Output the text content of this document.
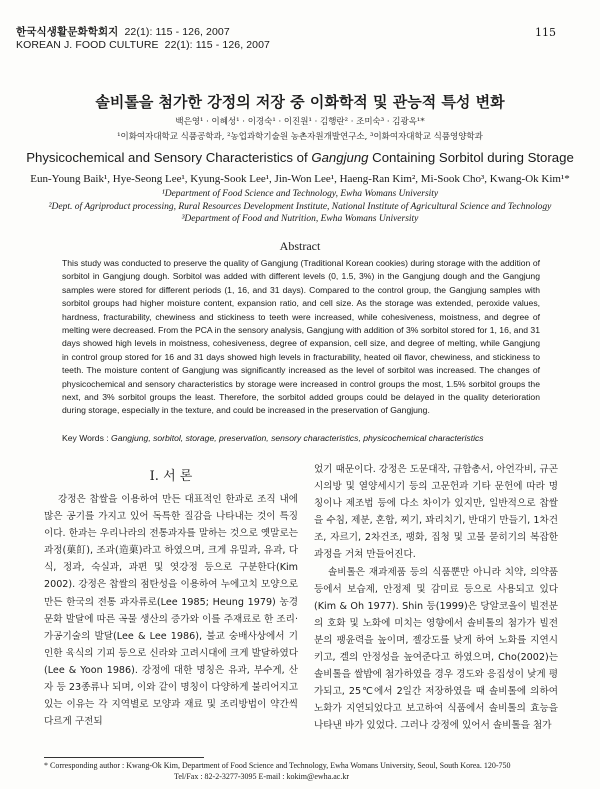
한국식생활문화학회지 22(1): 115 - 126, 2007
KOREAN J. FOOD CULTURE 22(1): 115 - 126, 2007
115
솔비톨을 첨가한 강정의 저장 중 이화학적 및 관능적 특성 변화
백은영¹ · 이혜성¹ · 이경숙¹ · 이진원¹ · 김행란² · 조미숙³ · 김광옥¹*
¹이화여자대학교 식품공학과, ²농업과학기술원 농촌자원개발연구소, ³이화여자대학교 식품영양학과
Physicochemical and Sensory Characteristics of Gangjung Containing Sorbitol during Storage
Eun-Young Baik¹, Hye-Seong Lee¹, Kyung-Sook Lee¹, Jin-Won Lee¹, Haeng-Ran Kim², Mi-Sook Cho³, Kwang-Ok Kim¹*
¹Department of Food Science and Technology, Ewha Womans University
²Dept. of Agriproduct processing, Rural Resources Development Institute, National Institute of Agricultural Science and Technology
³Department of Food and Nutrition, Ewha Womans University
Abstract
This study was conducted to preserve the quality of Gangjung (Traditional Korean cookies) during storage with the addition of sorbitol in Gangjung dough. Sorbitol was added with different levels (0, 1.5, 3%) in the Gangjung dough and the Gangjung samples were stored for different periods (1, 16, and 31 days). Compared to the control group, the Gangjung samples with sorbitol groups had higher moisture content, expansion ratio, and cell size. As the storage was extended, peroxide values, hardness, fracturability, chewiness and stickiness to teeth were increased, while cohesiveness, moistness, and degree of melting were decreased. From the PCA in the sensory analysis, Gangjung with addition of 3% sorbitol stored for 1, 16, and 31 days showed high levels in moistness, cohesiveness, degree of expansion, cell size, and degree of melting, while Gangjung in control group stored for 16 and 31 days showed high levels in fracturability, heated oil flavor, chewiness, and stickiness to teeth. The moisture content of Gangjung was significantly increased as the level of sorbitol was increased. The changes of physicochemical and sensory characteristics by storage were increased in control groups the most, 1.5% sorbitol groups the next, and 3% sorbitol groups the least. Therefore, the sorbitol added groups could be delayed in the quality deterioration during storage, especially in the texture, and could be increased in the preservation of Gangjung.
Key Words : Gangjung, sorbitol, storage, preservation, sensory characteristics, physicochemical characteristics
I. 서 론

강정은 찹쌀을 이용하여 만든 대표적인 한과로 조직 내에 많은 공기를 가지고 있어 독특한 질감을 나타내는 것이 특징이다. 한과는 우리나라의 전통과자를 말하는 것으로 옛말로는 과정(菓飣), 조과(造菓)라고 하였으며, 크게 유밀과, 유과, 다식, 정과, 숙실과, 과편 및 엿강정 등으로 구분한다(Kim 2002). 강정은 찹쌀의 점탄성을 이용하여 누에고치 모양으로 만든 한국의 전통 과자류로(Lee 1985; Heung 1979) 농경문화 발달에 따른 곡물 생산의 증가와 이를 주재료로 한 조리·가공기술의 발달(Lee & Lee 1986), 불교 숭배사상에서 기인한 육식의 기피 등으로 신라와 고려시대에 크게 발달하였다(Lee & Yoon 1986). 강정에 대한 명칭은 유과, 부수게, 산자 등 23종류나 되며, 이와 같이 명칭이 다양하게 불리어지고 있는 이유는 각 지역별로 모양과 재료 및 조리방법이 약간씩 다르게 구전되

었기 때문이다. 강정은 도문대작, 규합총서, 아언각비, 규곤시의방 및 열양세시기 등의 고문헌과 기타 문헌에 따라 명칭이나 제조법 등에 다소 차이가 있지만, 일반적으로 찹쌀을 수침, 제분, 혼합, 찌기, 꽈리치기, 반대기 만들기, 1차건조, 자르기, 2차건조, 팽화, 집청 및 고물 묻히기의 복잡한 과정을 거쳐 만들어진다.

솔비톨은 재과제품 등의 식품뿐만 아니라 치약, 의약품등에서 보습제, 안정제 및 감미료 등으로 사용되고 있다(Kim & Oh 1977). Shin 등(1999)은 당알코올이 빌전분의 호화 및 노화에 미치는 영향에서 솔비톨의 첨가가 빌전분의 팽윤력을 높이며, 젤강도를 낮게 하여 노화를 지연시키고, 겔의 안정성을 높여준다고 하였으며, Cho(2002)는 솔비톨을 쌀밥에 첨가하였을 경우 경도와 응집성이 낮게 평가되고, 25℃에서 2일간 저장하였을 때 솔비톨에 의하여 노화가 지연되었다고 보고하여 식품에서 솔비톨의 효능을 나타낸 바가 있었다. 그러나 강정에 있어서 솔비톨을 첨가

* Corresponding author : Kwang-Ok Kim, Department of Food Science and Technology, Ewha Womans University, Seoul, South Korea. 120-750
Tel/Fax : 82-2-3277-3095 E-mail : kokim@ewha.ac.kr
